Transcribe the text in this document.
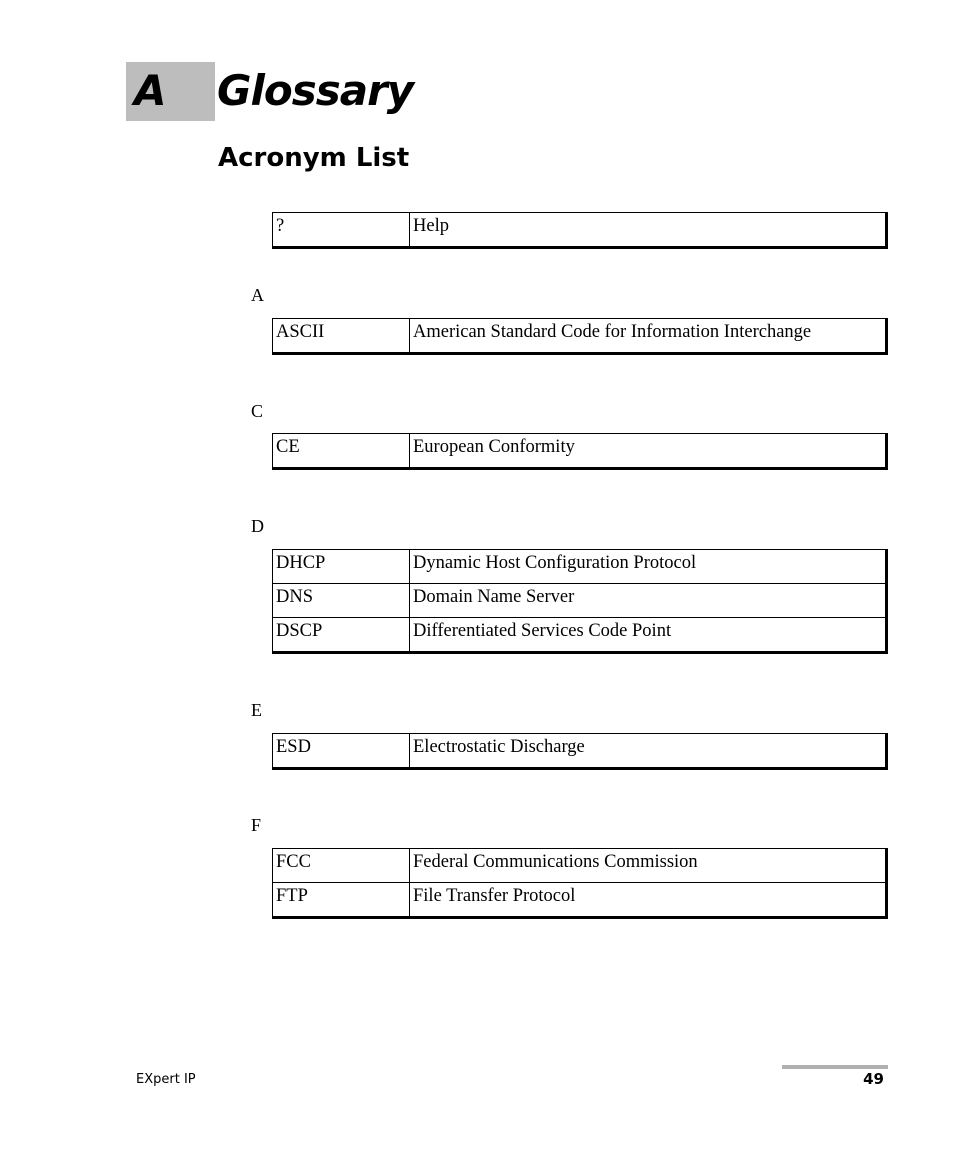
A Glossary
Acronym List
?	Help
A
ASCII	American Standard Code for Information Interchange
C
CE	European Conformity
D
DHCP	Dynamic Host Configuration Protocol
DNS	Domain Name Server
DSCP	Differentiated Services Code Point
E
ESD	Electrostatic Discharge
F
FCC	Federal Communications Commission
FTP	File Transfer Protocol
EXpert IP	49
